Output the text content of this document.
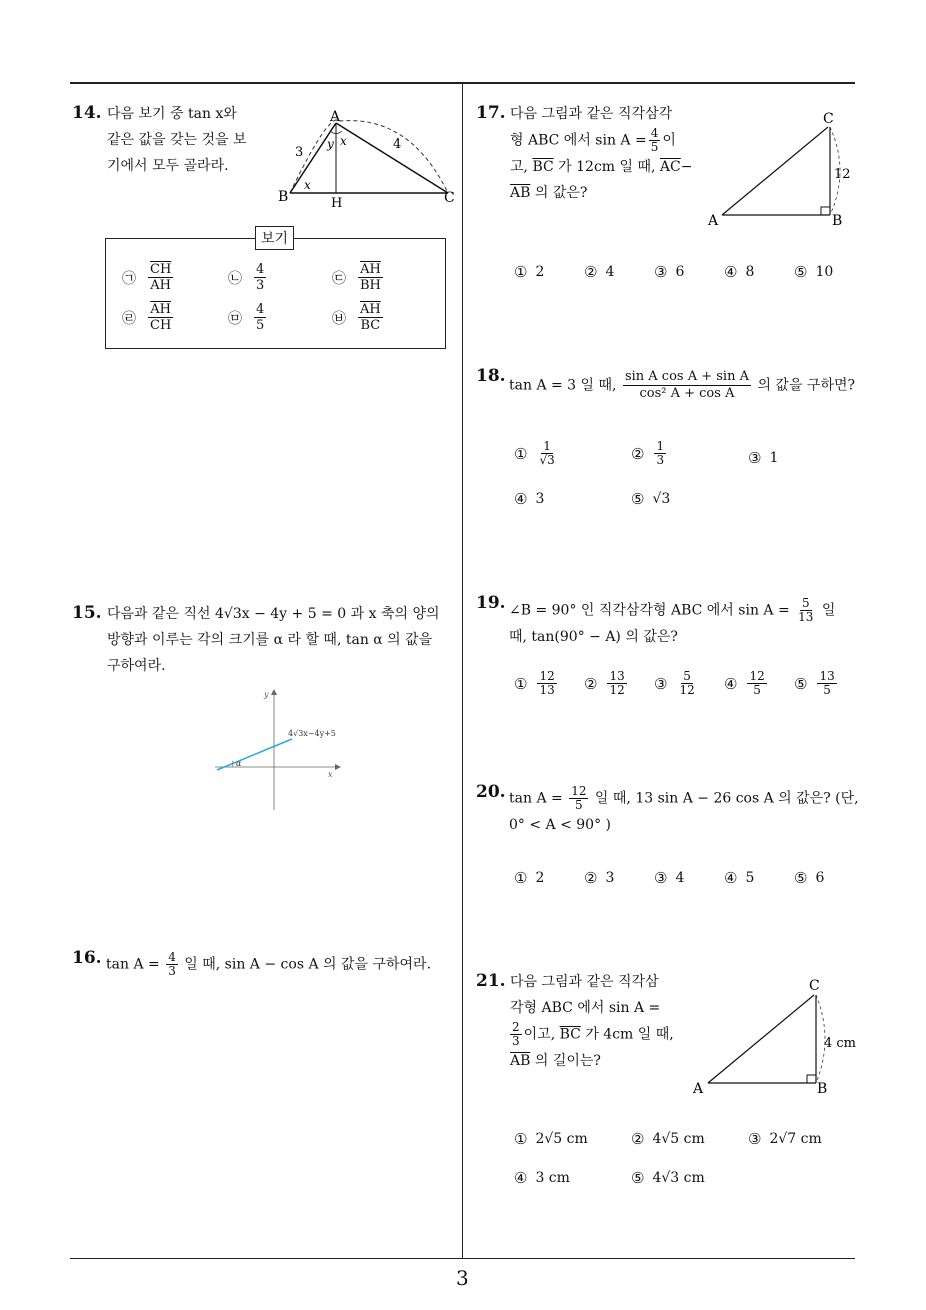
3
14. 다음 보기 중 tan x와
같은 값을 갖는 것을 보
기에서 모두 골라라.
A
B	C
H
3
4
x
y x
보기
㉠ $\frac{\overline{CH}}{AH}$	㉡ $\frac{4}{3}$	㉢ $\frac{\overline{AH}}{BH}$
㉣ $\frac{\overline{AH}}{CH}$	㉤ $\frac{4}{5}$	㉥ $\frac{\overline{AH}}{BC}$
15. 다음과 같은 직선 4√3x − 4y + 5 = 0 과 x 축의 양의
방향과 이루는 각의 크기를 α 라 할 때, tan α 의 값을
구하여라.
y
x
4√3x−4y+5
α
16. $\tan A = \frac{4}{3}$ 일 때, sin A − cos A 의 값을 구하여라.
17. 다음 그림과 같은 직각삼각
형 ABC 에서 $\sin A = \frac{4}{5}$ 이
고, $\overline{BC}$ 가 12cm 일 때, $\overline{AC}-$
$\overline{AB}$ 의 값은?
A	B
C
12
① 2	② 4	③ 6	④ 8	⑤ 10
18. tan A = 3 일 때, $\frac{\text{sin A cos A + sin A}}{\text{cos² A + cos A}}$ 의 값을 구하면?
① $\frac{1}{√3}$	② $\frac{1}{3}$	③ 1
④ 3	⑤ √3
19. ∠B = 90° 인 직각삼각형 ABC 에서 $\sin A = \frac{5}{13}$ 일
때, tan(90° − A) 의 값은?
① $\frac{12}{13}$ ② $\frac{13}{12}$ ③ $\frac{5}{12}$ ④ $\frac{12}{5}$ ⑤ $\frac{13}{5}$
20. $\tan A = \frac{12}{5}$ 일 때, 13 sin A − 26 cos A 의 값은? (단,
0° < A < 90° )
① 2	② 3	③ 4	④ 5	⑤ 6
21. 다음 그림과 같은 직각삼
각형 ABC 에서 sin A =
$\frac{2}{3}$ 이고, $\overline{BC}$ 가 4cm 일 때,
$\overline{AB}$ 의 길이는?
A	B
C
4 cm
① 2√5 cm	② 4√5 cm	③ 2√7 cm
④ 3 cm	⑤ 4√3 cm
